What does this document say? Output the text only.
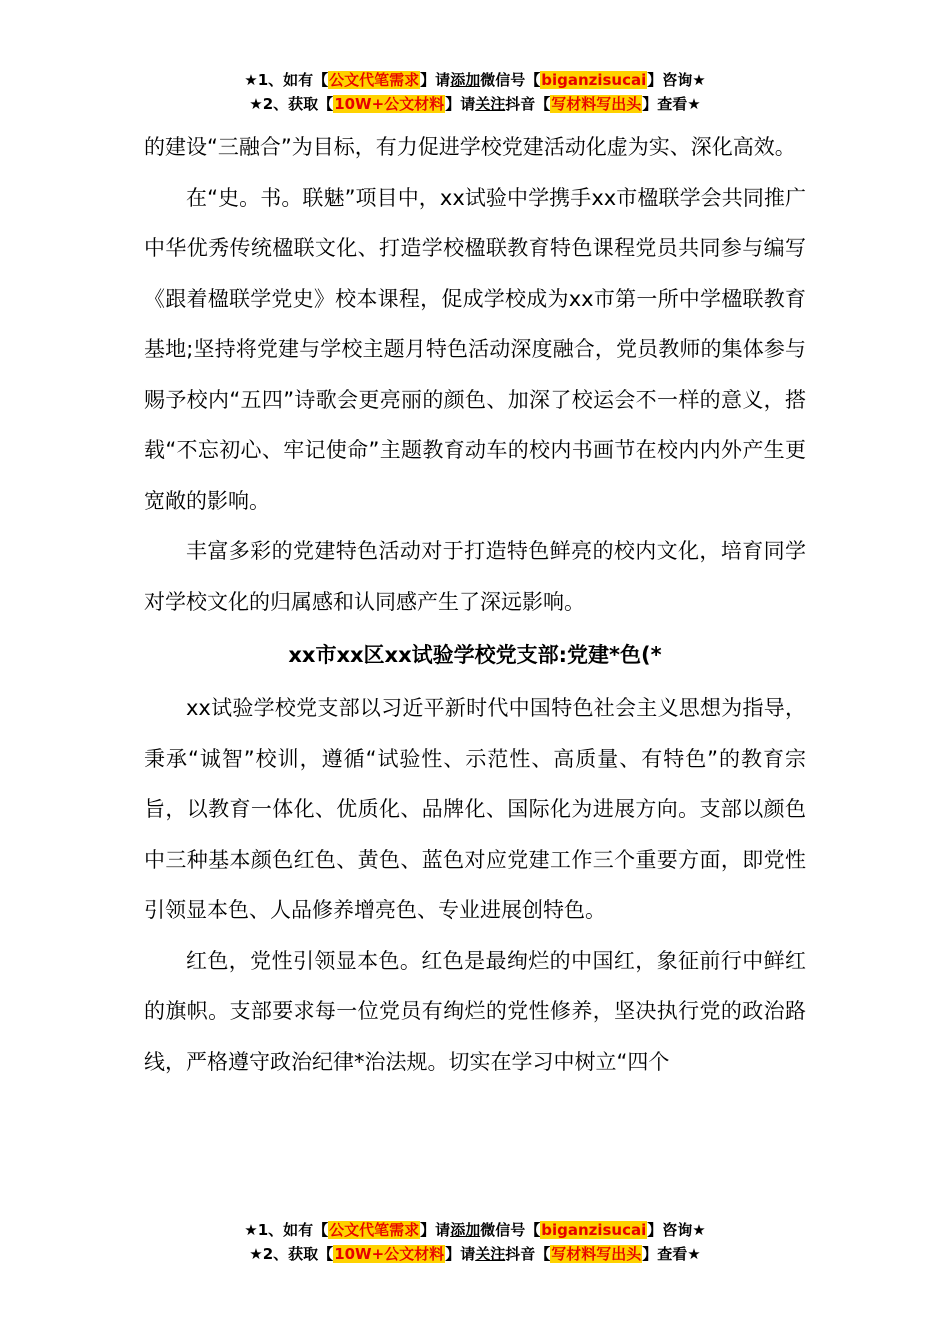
★1、如有【公文代笔需求】请添加微信号【biganzisucai】咨询★
★2、获取【10W+公文材料】请关注抖音【写材料写出头】查看★

的建设“三融合”为目标，有力促进学校党建活动化虚为实、深化高效。

在“史。书。联魅”项目中，xx试验中学携手xx市楹联学会共同推广中华优秀传统楹联文化、打造学校楹联教育特色课程党员共同参与编写《跟着楹联学党史》校本课程，促成学校成为xx市第一所中学楹联教育基地;坚持将党建与学校主题月特色活动深度融合，党员教师的集体参与赐予校内“五四”诗歌会更亮丽的颜色、加深了校运会不一样的意义，搭载“不忘初心、牢记使命”主题教育动车的校内书画节在校内内外产生更宽敞的影响。

丰富多彩的党建特色活动对于打造特色鲜亮的校内文化，培育同学对学校文化的归属感和认同感产生了深远影响。

xx市xx区xx试验学校党支部:党建*色(*

xx试验学校党支部以习近平新时代中国特色社会主义思想为指导，秉承“诚智”校训，遵循“试验性、示范性、高质量、有特色”的教育宗旨，以教育一体化、优质化、品牌化、国际化为进展方向。支部以颜色中三种基本颜色红色、黄色、蓝色对应党建工作三个重要方面，即党性引领显本色、人品修养增亮色、专业进展创特色。

红色，党性引领显本色。红色是最绚烂的中国红，象征前行中鲜红的旗帜。支部要求每一位党员有绚烂的党性修养，坚决执行党的政治路线，严格遵守政治纪律*治法规。切实在学习中树立“四个

★1、如有【公文代笔需求】请添加微信号【biganzisucai】咨询★
★2、获取【10W+公文材料】请关注抖音【写材料写出头】查看★
